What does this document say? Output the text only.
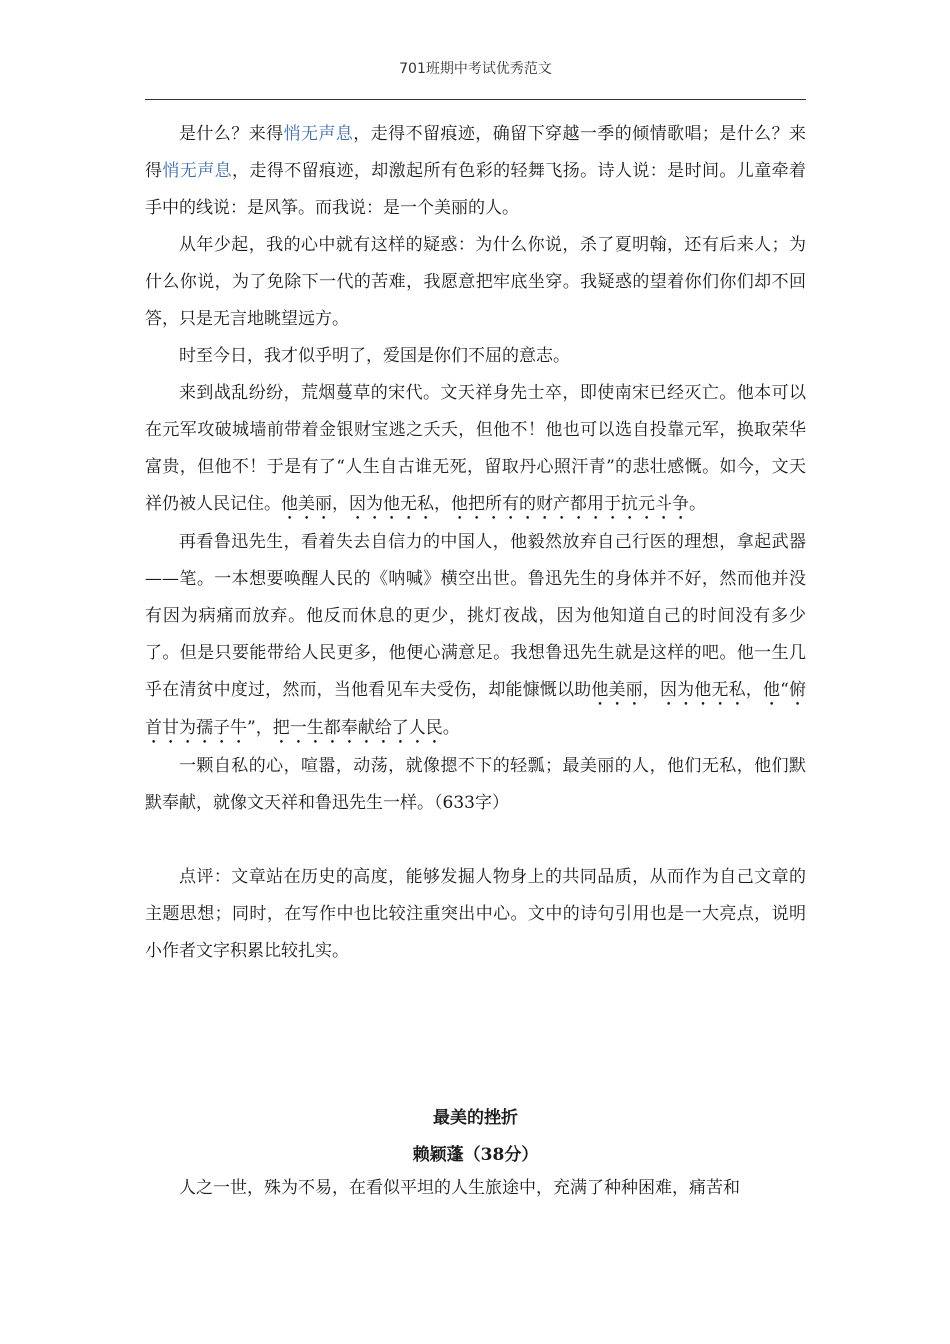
701班期中考试优秀范文

是什么？来得悄无声息，走得不留痕迹，确留下穿越一季的倾情歌唱；是什么？来得悄无声息，走得不留痕迹，却激起所有色彩的轻舞飞扬。诗人说：是时间。儿童牵着手中的线说：是风筝。而我说：是一个美丽的人。

从年少起，我的心中就有这样的疑惑：为什么你说，杀了夏明翰，还有后来人；为什么你说，为了免除下一代的苦难，我愿意把牢底坐穿。我疑惑的望着你们你们却不回答，只是无言地眺望远方。

时至今日，我才似乎明了，爱国是你们不屈的意志。

来到战乱纷纷，荒烟蔓草的宋代。文天祥身先士卒，即使南宋已经灭亡。他本可以在元军攻破城墙前带着金银财宝逃之夭夭，但他不！他也可以选自投靠元军，换取荣华富贵，但他不！于是有了“人生自古谁无死，留取丹心照汗青”的悲壮感慨。如今，文天祥仍被人民记住。他美丽，因为他无私，他把所有的财产都用于抗元斗争。

再看鲁迅先生，看着失去自信力的中国人，他毅然放弃自己行医的理想，拿起武器——笔。一本想要唤醒人民的《呐喊》横空出世。鲁迅先生的身体并不好，然而他并没有因为病痛而放弃。他反而休息的更少，挑灯夜战，因为他知道自己的时间没有多少了。但是只要能带给人民更多，他便心满意足。我想鲁迅先生就是这样的吧。他一生几乎在清贫中度过，然而，当他看见车夫受伤，却能慷慨以助他美丽，因为他无私，他“俯首甘为孺子牛”，把一生都奉献给了人民。

一颗自私的心，喧嚣，动荡，就像摁不下的轻瓢；最美丽的人，他们无私，他们默默奉献，就像文天祥和鲁迅先生一样。（633字）

点评：文章站在历史的高度，能够发掘人物身上的共同品质，从而作为自己文章的主题思想；同时，在写作中也比较注重突出中心。文中的诗句引用也是一大亮点，说明小作者文字积累比较扎实。

最美的挫折
赖颖蓬（38分）

人之一世，殊为不易，在看似平坦的人生旅途中，充满了种种困难，痛苦和
